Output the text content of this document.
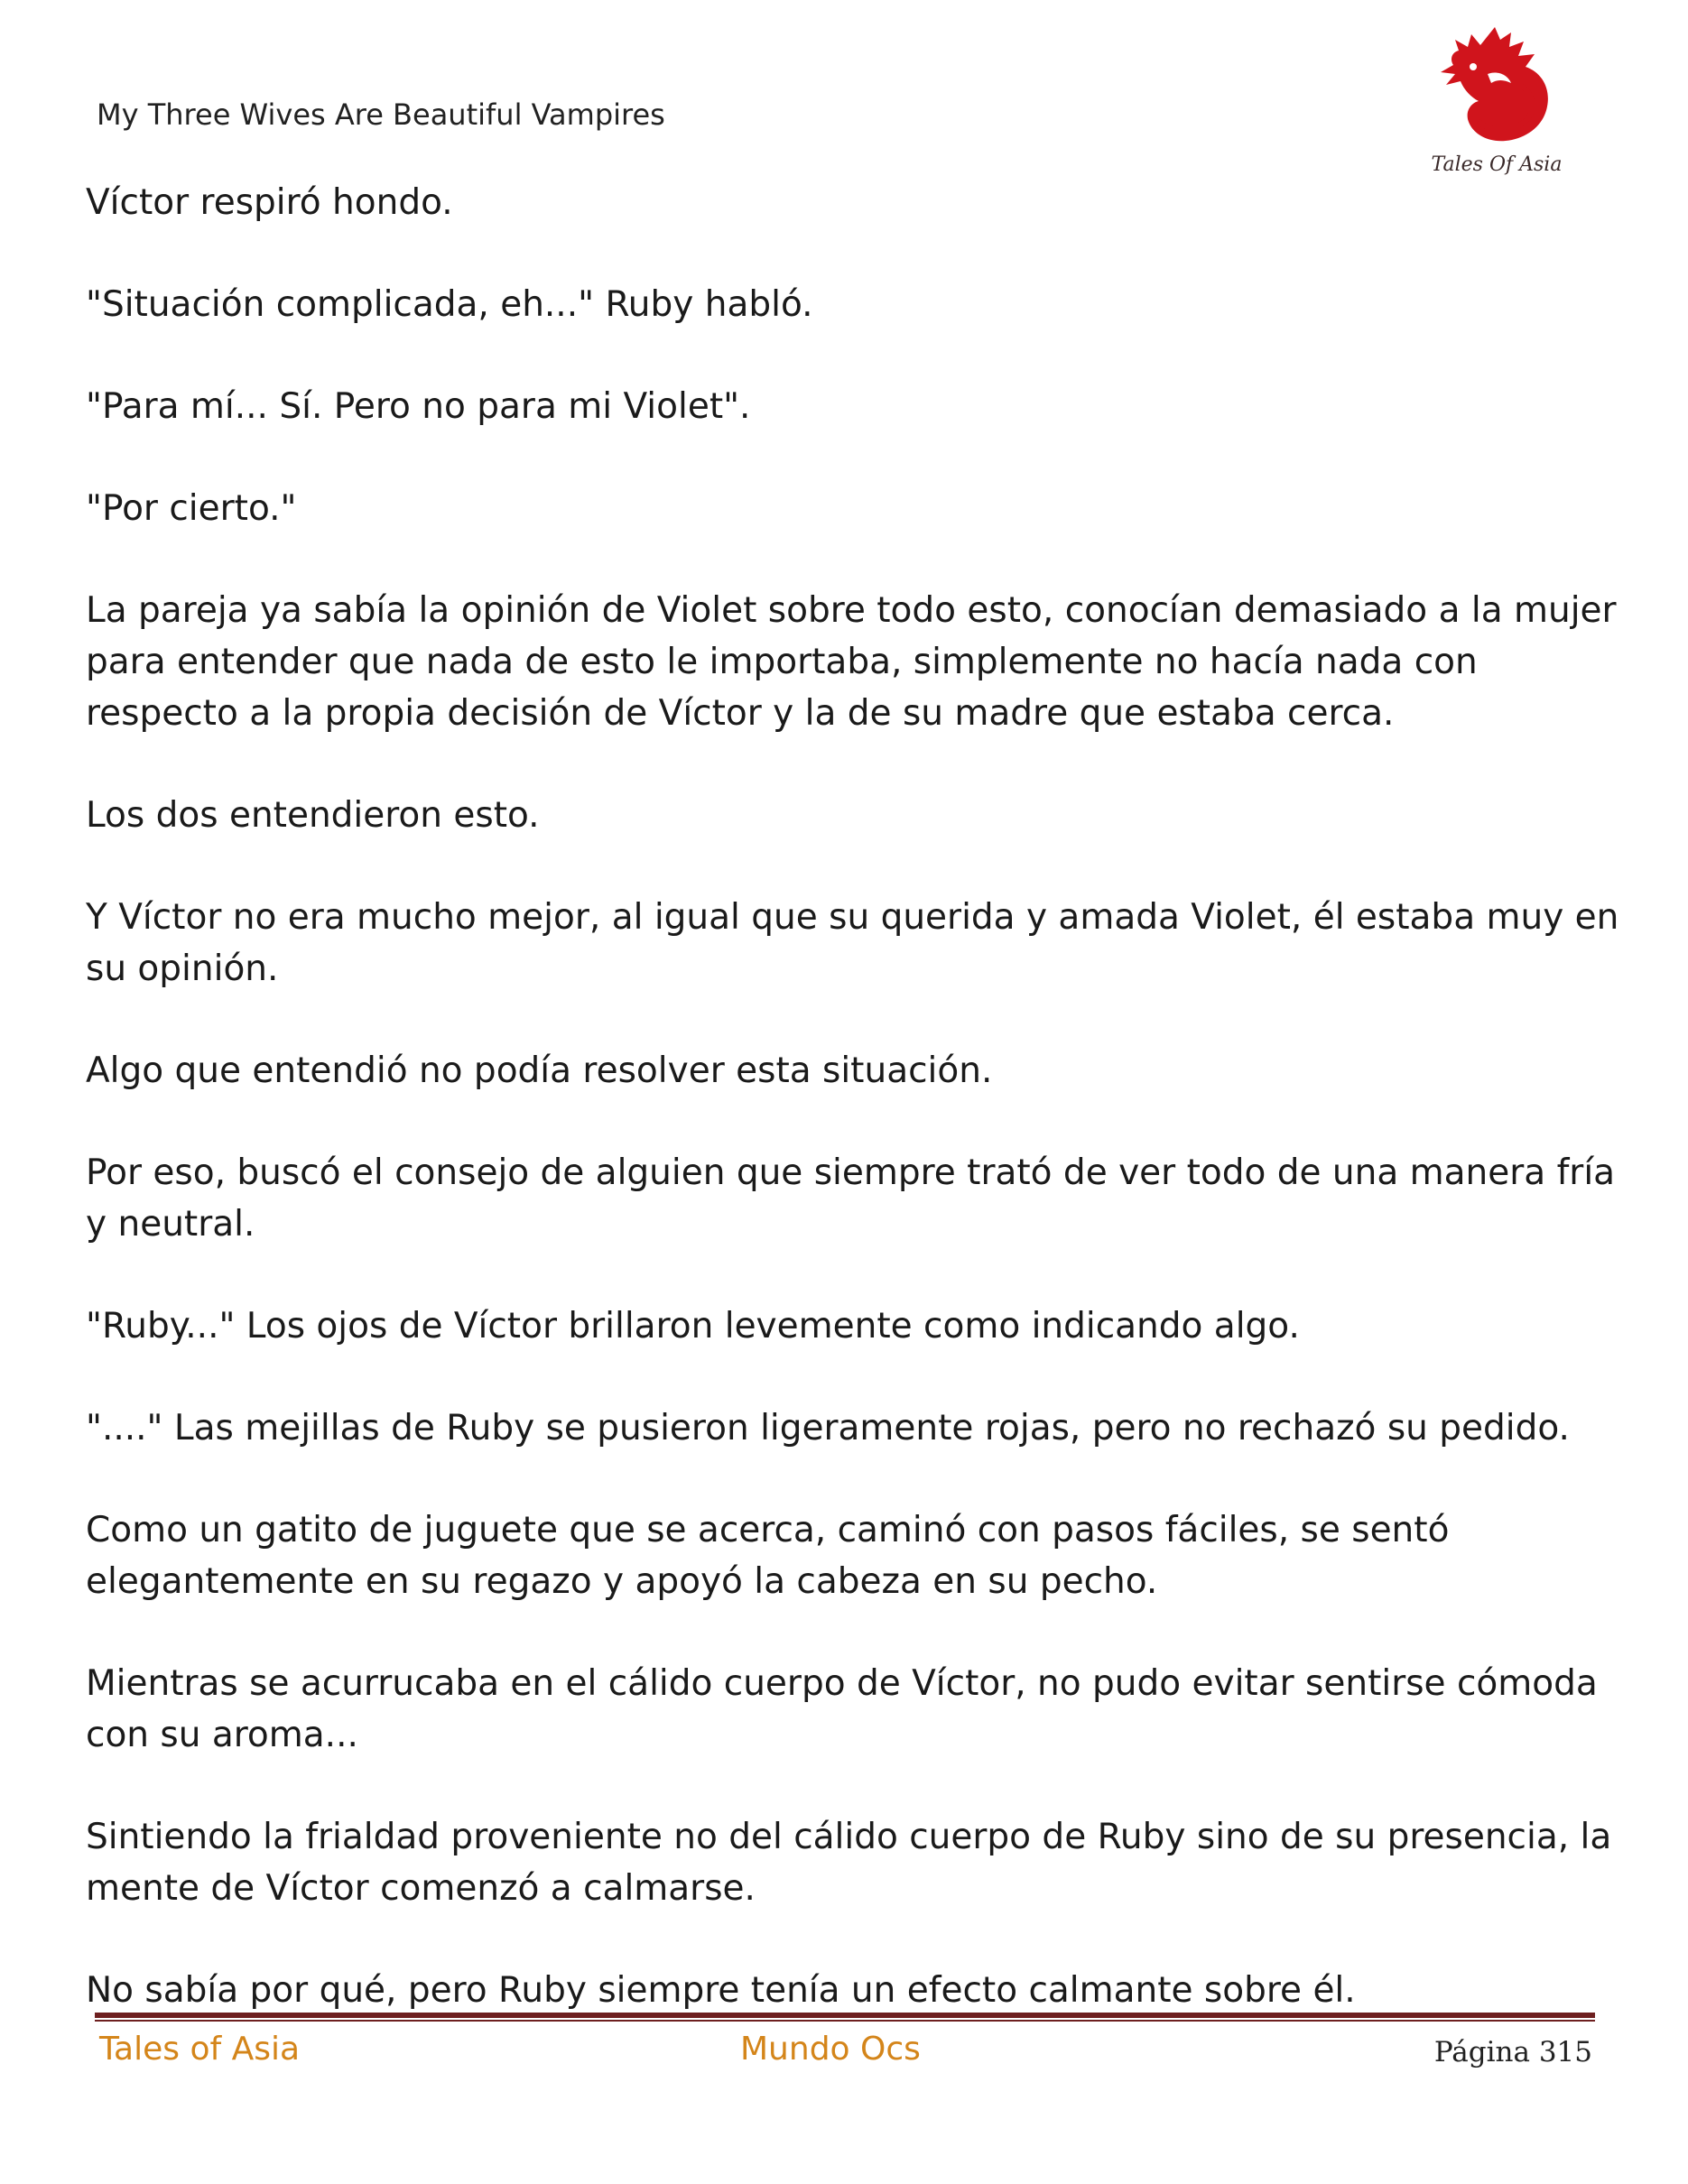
My Three Wives Are Beautiful Vampires
Tales Of Asia

Víctor respiró hondo.

"Situación complicada, eh..." Ruby habló.

"Para mí... Sí. Pero no para mi Violet".

"Por cierto."

La pareja ya sabía la opinión de Violet sobre todo esto, conocían demasiado a la mujer para entender que nada de esto le importaba, simplemente no hacía nada con respecto a la propia decisión de Víctor y la de su madre que estaba cerca.

Los dos entendieron esto.

Y Víctor no era mucho mejor, al igual que su querida y amada Violet, él estaba muy en su opinión.

Algo que entendió no podía resolver esta situación.

Por eso, buscó el consejo de alguien que siempre trató de ver todo de una manera fría y neutral.

"Ruby..." Los ojos de Víctor brillaron levemente como indicando algo.

"...." Las mejillas de Ruby se pusieron ligeramente rojas, pero no rechazó su pedido.

Como un gatito de juguete que se acerca, caminó con pasos fáciles, se sentó elegantemente en su regazo y apoyó la cabeza en su pecho.

Mientras se acurrucaba en el cálido cuerpo de Víctor, no pudo evitar sentirse cómoda con su aroma...

Sintiendo la frialdad proveniente no del cálido cuerpo de Ruby sino de su presencia, la mente de Víctor comenzó a calmarse.

No sabía por qué, pero Ruby siempre tenía un efecto calmante sobre él.

Tales of Asia	Mundo Ocs	Página 315
